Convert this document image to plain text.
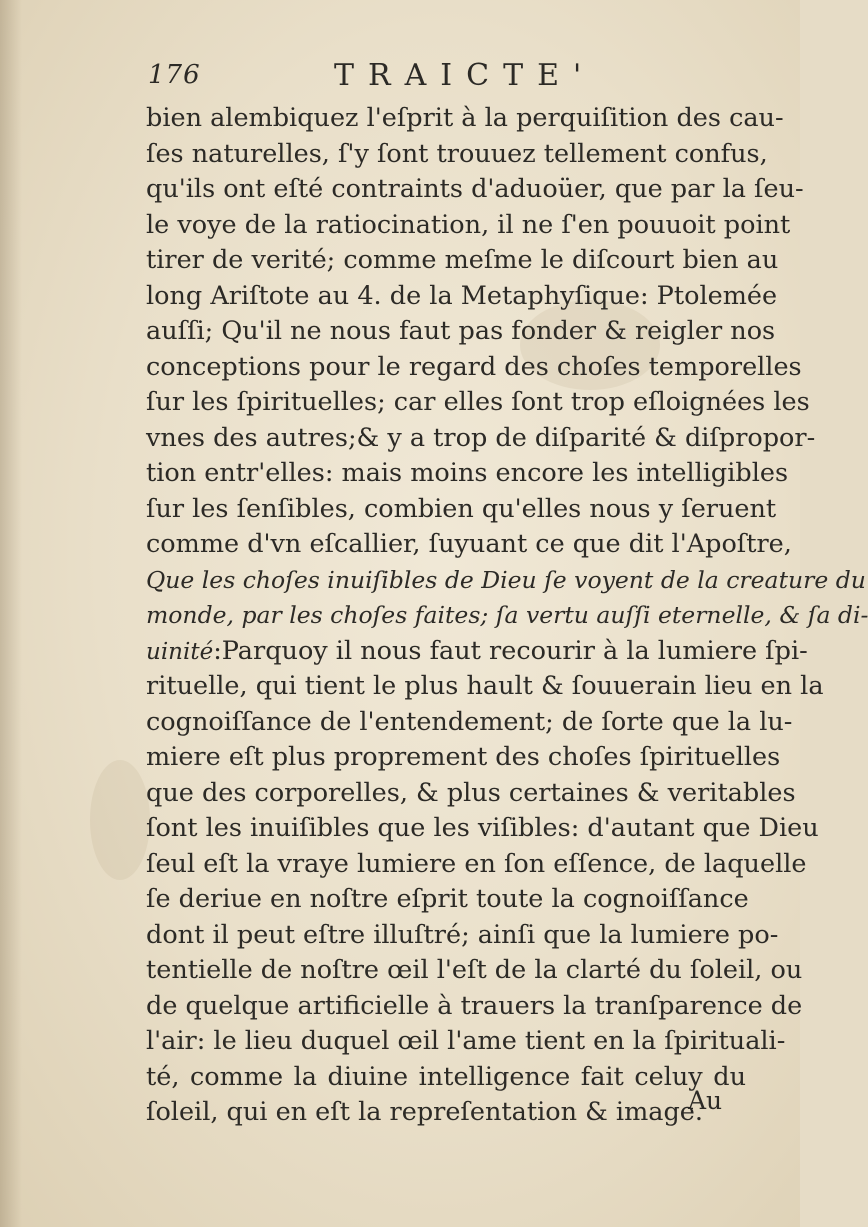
176	TRAICTE'
bien alembiquez l'eſprit à la perquiſition des cau-
ſes naturelles, ſ'y ſont trouuez tellement confus,
qu'ils ont eſté contraints d'aduoüer, que par la ſeu-
le voye de la ratiocination, il ne ſ'en pouuoit point
tirer de verité; comme meſme le diſcourt bien au
long Ariſtote au 4. de la Metaphyſique: Ptolemée
auſſi; Qu'il ne nous faut pas fonder & reigler nos
conceptions pour le regard des choſes temporelles
ſur les ſpirituelles; car elles ſont trop eſloignées les
vnes des autres;& y a trop de diſparité & diſpropor-
tion entr'elles: mais moins encore les intelligibles
ſur les ſenſibles, combien qu'elles nous y ſeruent
comme d'vn eſcallier, ſuyuant ce que dit l'Apoſtre,
Que les choſes inuiſibles de Dieu ſe voyent de la creature du
monde, par les choſes faites; ſa vertu auſſi eternelle, & ſa di-
uinité:Parquoy il nous faut recourir à la lumiere ſpi-
rituelle, qui tient le plus hault & ſouuerain lieu en la
cognoiſſance de l'entendement; de ſorte que la lu-
miere eſt plus proprement des choſes ſpirituelles
que des corporelles, & plus certaines & veritables
ſont les inuiſibles que les viſibles: d'autant que Dieu
ſeul eſt la vraye lumiere en ſon eſſence, de laquelle
ſe deriue en noſtre eſprit toute la cognoiſſance
dont il peut eſtre illuſtré; ainſi que la lumiere po-
tentielle de noſtre œil l'eſt de la clarté du ſoleil, ou
de quelque artificielle à trauers la tranſparence de
l'air: le lieu duquel œil l'ame tient en la ſpirituali-
té, comme la diuine intelligence fait celuy du
ſoleil, qui en eſt la repreſentation & image.
Au
